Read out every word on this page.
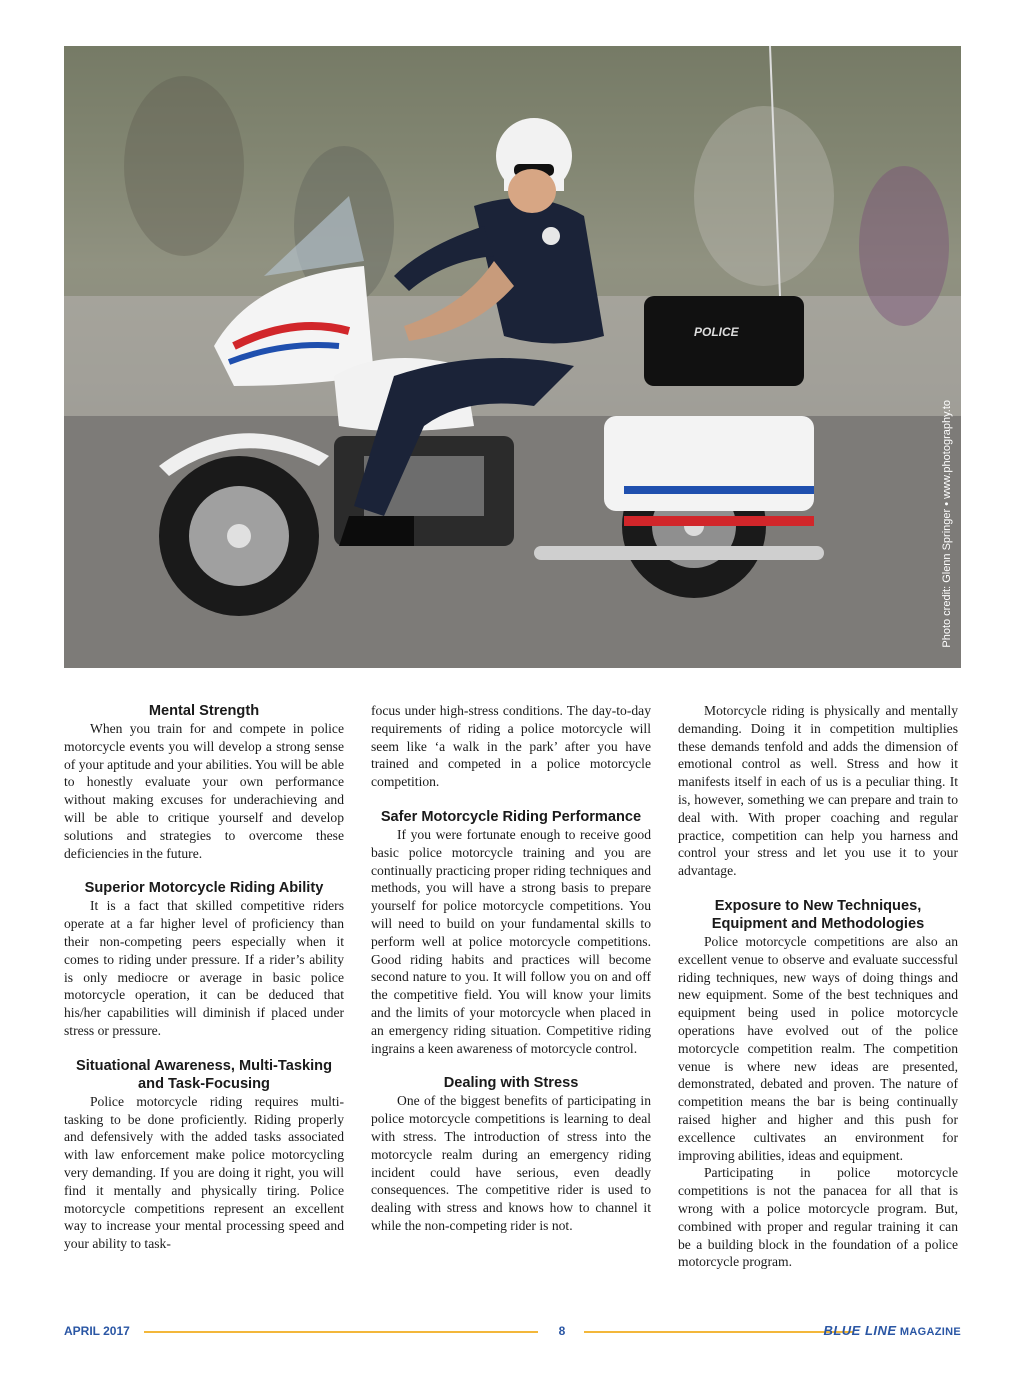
POLICE
Photo credit: Glenn Springer • www.photography.to
Mental Strength

When you train for and compete in police motorcycle events you will develop a strong sense of your aptitude and your abilities. You will be able to honestly evaluate your own performance without making excuses for underachieving and will be able to critique yourself and develop solutions and strategies to overcome these deficiencies in the future.

Superior Motorcycle Riding Ability

It is a fact that skilled competitive riders operate at a far higher level of proficiency than their non-competing peers especially when it comes to riding under pressure. If a rider’s ability is only mediocre or average in basic police motorcycle operation, it can be deduced that his/her capabilities will diminish if placed under stress or pressure.

Situational Awareness, Multi-Tasking and Task-Focusing

Police motorcycle riding requires multi-tasking to be done proficiently. Riding properly and defensively with the added tasks associated with law enforcement make police motorcycling very demanding. If you are doing it right, you will find it mentally and physically tiring. Police motorcycle competitions represent an excellent way to increase your mental processing speed and your ability to task-

focus under high-stress conditions. The day-to-day requirements of riding a police motorcycle will seem like ‘a walk in the park’ after you have trained and competed in a police motorcycle competition.

Safer Motorcycle Riding Performance

If you were fortunate enough to receive good basic police motorcycle training and you are continually practicing proper riding techniques and methods, you will have a strong basis to prepare yourself for police motorcycle competitions. You will need to build on your fundamental skills to perform well at police motorcycle competitions. Good riding habits and practices will become second nature to you. It will follow you on and off the competitive field. You will know your limits and the limits of your motorcycle when placed in an emergency riding situation. Competitive riding ingrains a keen awareness of motorcycle control.

Dealing with Stress

One of the biggest benefits of participating in police motorcycle competitions is learning to deal with stress. The introduction of stress into the motorcycle realm during an emergency riding incident could have serious, even deadly consequences. The competitive rider is used to dealing with stress and knows how to channel it while the non-competing rider is not.

Motorcycle riding is physically and mentally demanding. Doing it in competition multiplies these demands tenfold and adds the dimension of emotional control as well. Stress and how it manifests itself in each of us is a peculiar thing. It is, however, something we can prepare and train to deal with. With proper coaching and regular practice, competition can help you harness and control your stress and let you use it to your advantage.

Exposure to New Techniques, Equipment and Methodologies

Police motorcycle competitions are also an excellent venue to observe and evaluate successful riding techniques, new ways of doing things and new equipment. Some of the best techniques and equipment being used in police motorcycle operations have evolved out of the police motorcycle competition realm. The competition venue is where new ideas are presented, demonstrated, debated and proven. The nature of competition means the bar is being continually raised higher and higher and this push for excellence cultivates an environment for improving abilities, ideas and equipment.

Participating in police motorcycle competitions is not the panacea for all that is wrong with a police motorcycle program. But, combined with proper and regular training it can be a building block in the foundation of a police motorcycle program.

APRIL 2017	8	BLUE LINE MAGAZINE
